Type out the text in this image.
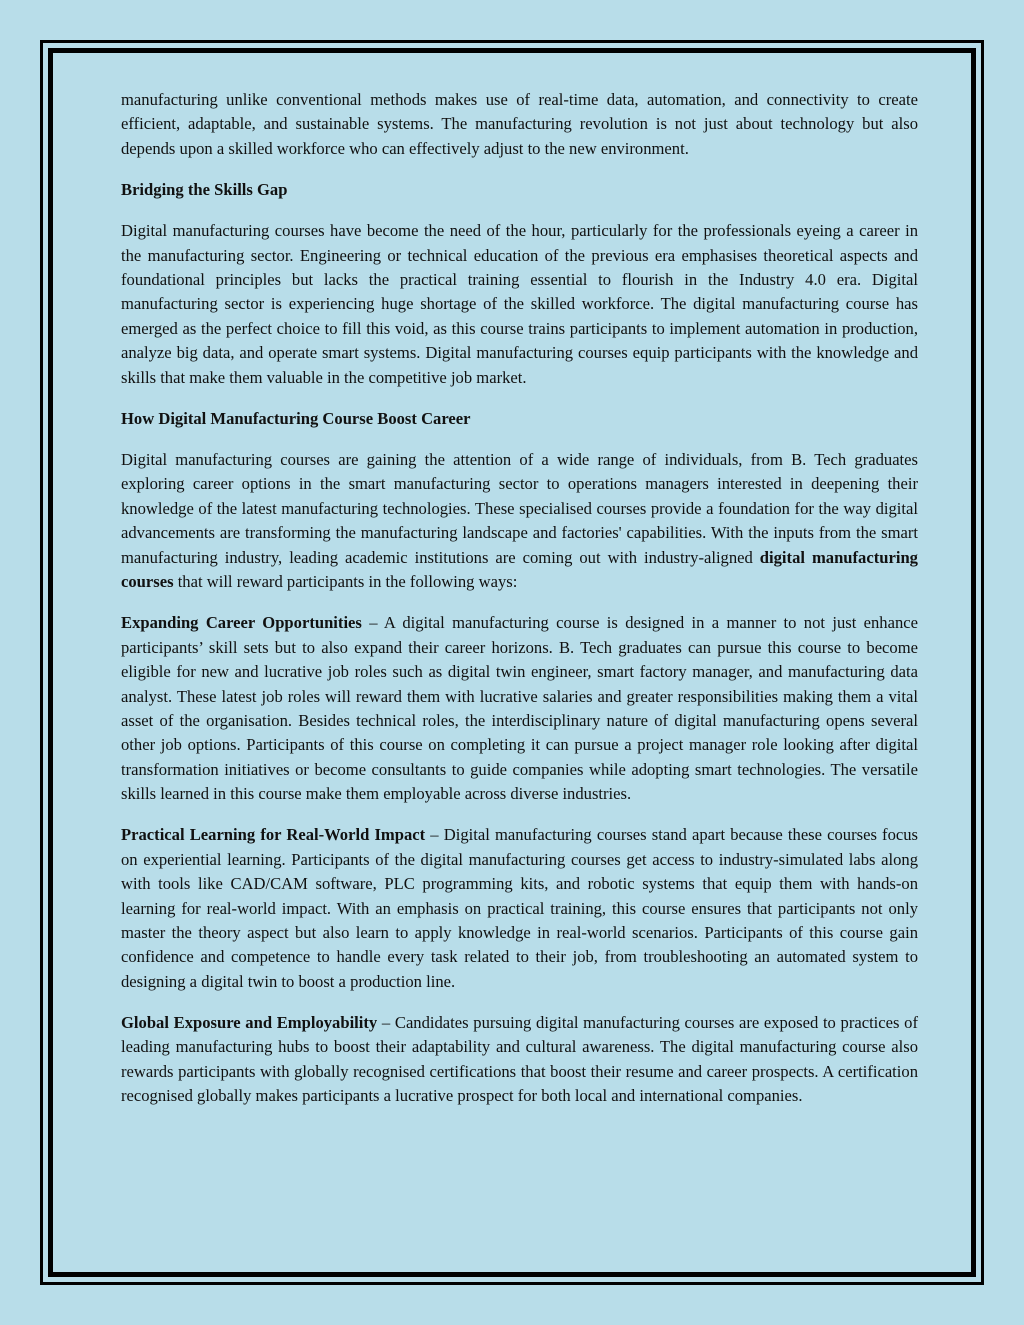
manufacturing unlike conventional methods makes use of real-time data, automation, and connectivity to create efficient, adaptable, and sustainable systems. The manufacturing revolution is not just about technology but also depends upon a skilled workforce who can effectively adjust to the new environment.

Bridging the Skills Gap

Digital manufacturing courses have become the need of the hour, particularly for the professionals eyeing a career in the manufacturing sector. Engineering or technical education of the previous era emphasises theoretical aspects and foundational principles but lacks the practical training essential to flourish in the Industry 4.0 era. Digital manufacturing sector is experiencing huge shortage of the skilled workforce. The digital manufacturing course has emerged as the perfect choice to fill this void, as this course trains participants to implement automation in production, analyze big data, and operate smart systems. Digital manufacturing courses equip participants with the knowledge and skills that make them valuable in the competitive job market.

How Digital Manufacturing Course Boost Career

Digital manufacturing courses are gaining the attention of a wide range of individuals, from B. Tech graduates exploring career options in the smart manufacturing sector to operations managers interested in deepening their knowledge of the latest manufacturing technologies. These specialised courses provide a foundation for the way digital advancements are transforming the manufacturing landscape and factories' capabilities. With the inputs from the smart manufacturing industry, leading academic institutions are coming out with industry-aligned digital manufacturing courses that will reward participants in the following ways:

Expanding Career Opportunities – A digital manufacturing course is designed in a manner to not just enhance participants’ skill sets but to also expand their career horizons. B. Tech graduates can pursue this course to become eligible for new and lucrative job roles such as digital twin engineer, smart factory manager, and manufacturing data analyst. These latest job roles will reward them with lucrative salaries and greater responsibilities making them a vital asset of the organisation. Besides technical roles, the interdisciplinary nature of digital manufacturing opens several other job options. Participants of this course on completing it can pursue a project manager role looking after digital transformation initiatives or become consultants to guide companies while adopting smart technologies. The versatile skills learned in this course make them employable across diverse industries.

Practical Learning for Real-World Impact – Digital manufacturing courses stand apart because these courses focus on experiential learning. Participants of the digital manufacturing courses get access to industry-simulated labs along with tools like CAD/CAM software, PLC programming kits, and robotic systems that equip them with hands-on learning for real-world impact. With an emphasis on practical training, this course ensures that participants not only master the theory aspect but also learn to apply knowledge in real-world scenarios. Participants of this course gain confidence and competence to handle every task related to their job, from troubleshooting an automated system to designing a digital twin to boost a production line.

Global Exposure and Employability – Candidates pursuing digital manufacturing courses are exposed to practices of leading manufacturing hubs to boost their adaptability and cultural awareness. The digital manufacturing course also rewards participants with globally recognised certifications that boost their resume and career prospects. A certification recognised globally makes participants a lucrative prospect for both local and international companies.
